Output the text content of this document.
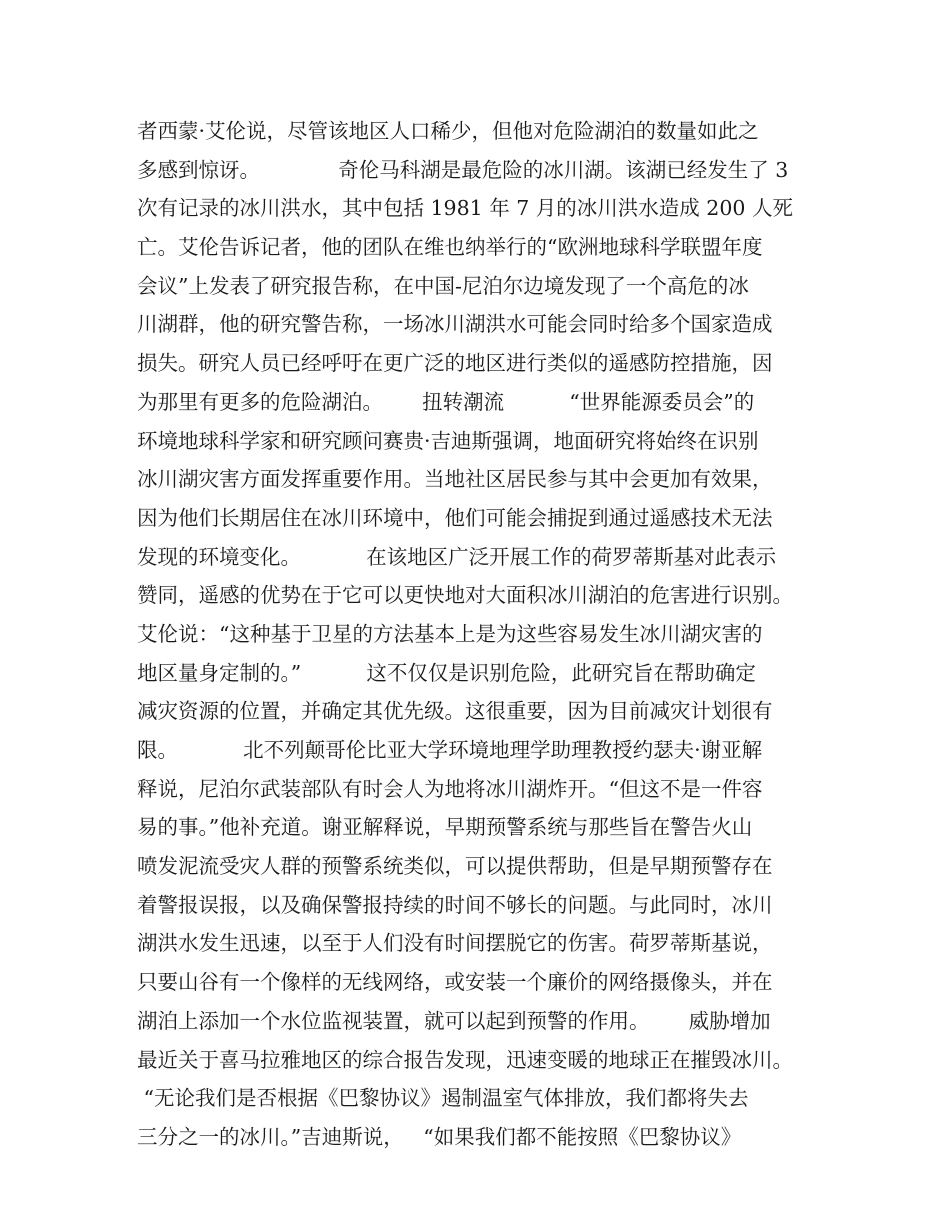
者西蒙·艾伦说，尽管该地区人口稀少，但他对危险湖泊的数量如此之
多感到惊讶。            奇伦马科湖是最危险的冰川湖。该湖已经发生了 3
次有记录的冰川洪水，其中包括 1981 年 7 月的冰川洪水造成 200 人死
亡。艾伦告诉记者，他的团队在维也纳举行的“欧洲地球科学联盟年度
会议”上发表了研究报告称，在中国-尼泊尔边境发现了一个高危的冰
川湖群，他的研究警告称，一场冰川湖洪水可能会同时给多个国家造成
损失。研究人员已经呼吁在更广泛的地区进行类似的遥感防控措施，因
为那里有更多的危险湖泊。      扭转潮流          “世界能源委员会”的
环境地球科学家和研究顾问赛贵·吉迪斯强调，地面研究将始终在识别
冰川湖灾害方面发挥重要作用。当地社区居民参与其中会更加有效果，
因为他们长期居住在冰川环境中，他们可能会捕捉到通过遥感技术无法
发现的环境变化。          在该地区广泛开展工作的荷罗蒂斯基对此表示
赞同，遥感的优势在于它可以更快地对大面积冰川湖泊的危害进行识别。
艾伦说：“这种基于卫星的方法基本上是为这些容易发生冰川湖灾害的
地区量身定制的。”          这不仅仅是识别危险，此研究旨在帮助确定
减灾资源的位置，并确定其优先级。这很重要，因为目前减灾计划很有
限。          北不列颠哥伦比亚大学环境地理学助理教授约瑟夫·谢亚解
释说，尼泊尔武装部队有时会人为地将冰川湖炸开。“但这不是一件容
易的事。”他补充道。谢亚解释说，早期预警系统与那些旨在警告火山
喷发泥流受灾人群的预警系统类似，可以提供帮助，但是早期预警存在
着警报误报，以及确保警报持续的时间不够长的问题。与此同时，冰川
湖洪水发生迅速，以至于人们没有时间摆脱它的伤害。荷罗蒂斯基说，
只要山谷有一个像样的无线网络，或安装一个廉价的网络摄像头，并在
湖泊上添加一个水位监视装置，就可以起到预警的作用。      威胁增加
最近关于喜马拉雅地区的综合报告发现，迅速变暖的地球正在摧毁冰川。
“无论我们是否根据《巴黎协议》遏制温室气体排放，我们都将失去
三分之一的冰川。”吉迪斯说，   “如果我们都不能按照《巴黎协议》
